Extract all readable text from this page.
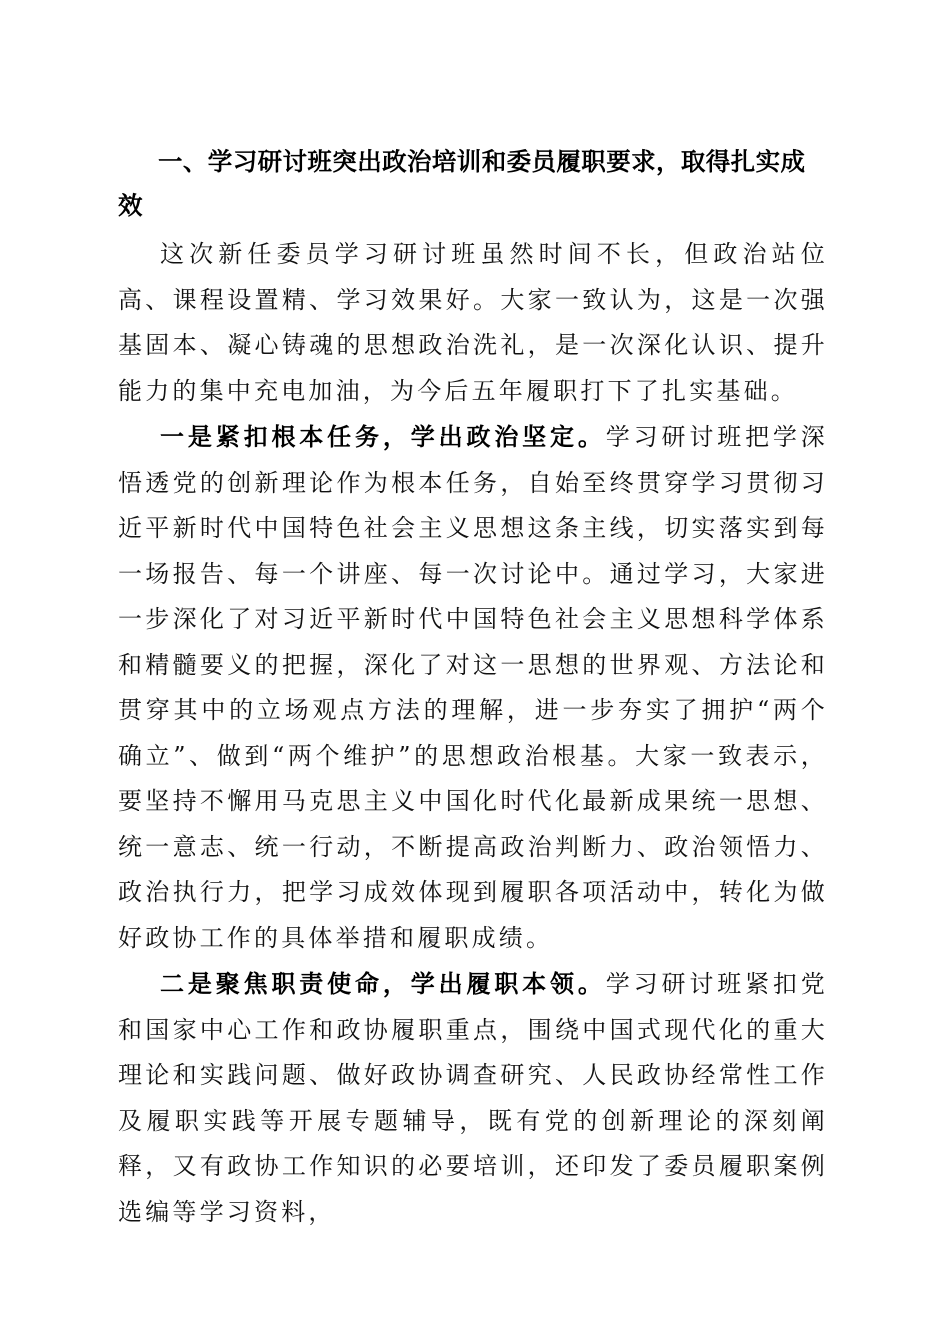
一、学习研讨班突出政治培训和委员履职要求，取得扎实成效

这次新任委员学习研讨班虽然时间不长，但政治站位高、课程设置精、学习效果好。大家一致认为，这是一次强基固本、凝心铸魂的思想政治洗礼，是一次深化认识、提升能力的集中充电加油，为今后五年履职打下了扎实基础。

一是紧扣根本任务，学出政治坚定。学习研讨班把学深悟透党的创新理论作为根本任务，自始至终贯穿学习贯彻习近平新时代中国特色社会主义思想这条主线，切实落实到每一场报告、每一个讲座、每一次讨论中。通过学习，大家进一步深化了对习近平新时代中国特色社会主义思想科学体系和精髓要义的把握，深化了对这一思想的世界观、方法论和贯穿其中的立场观点方法的理解，进一步夯实了拥护“两个确立”、做到“两个维护”的思想政治根基。大家一致表示，要坚持不懈用马克思主义中国化时代化最新成果统一思想、统一意志、统一行动，不断提高政治判断力、政治领悟力、政治执行力，把学习成效体现到履职各项活动中，转化为做好政协工作的具体举措和履职成绩。

二是聚焦职责使命，学出履职本领。学习研讨班紧扣党和国家中心工作和政协履职重点，围绕中国式现代化的重大理论和实践问题、做好政协调查研究、人民政协经常性工作及履职实践等开展专题辅导，既有党的创新理论的深刻阐释，又有政协工作知识的必要培训，还印发了委员履职案例选编等学习资料，
